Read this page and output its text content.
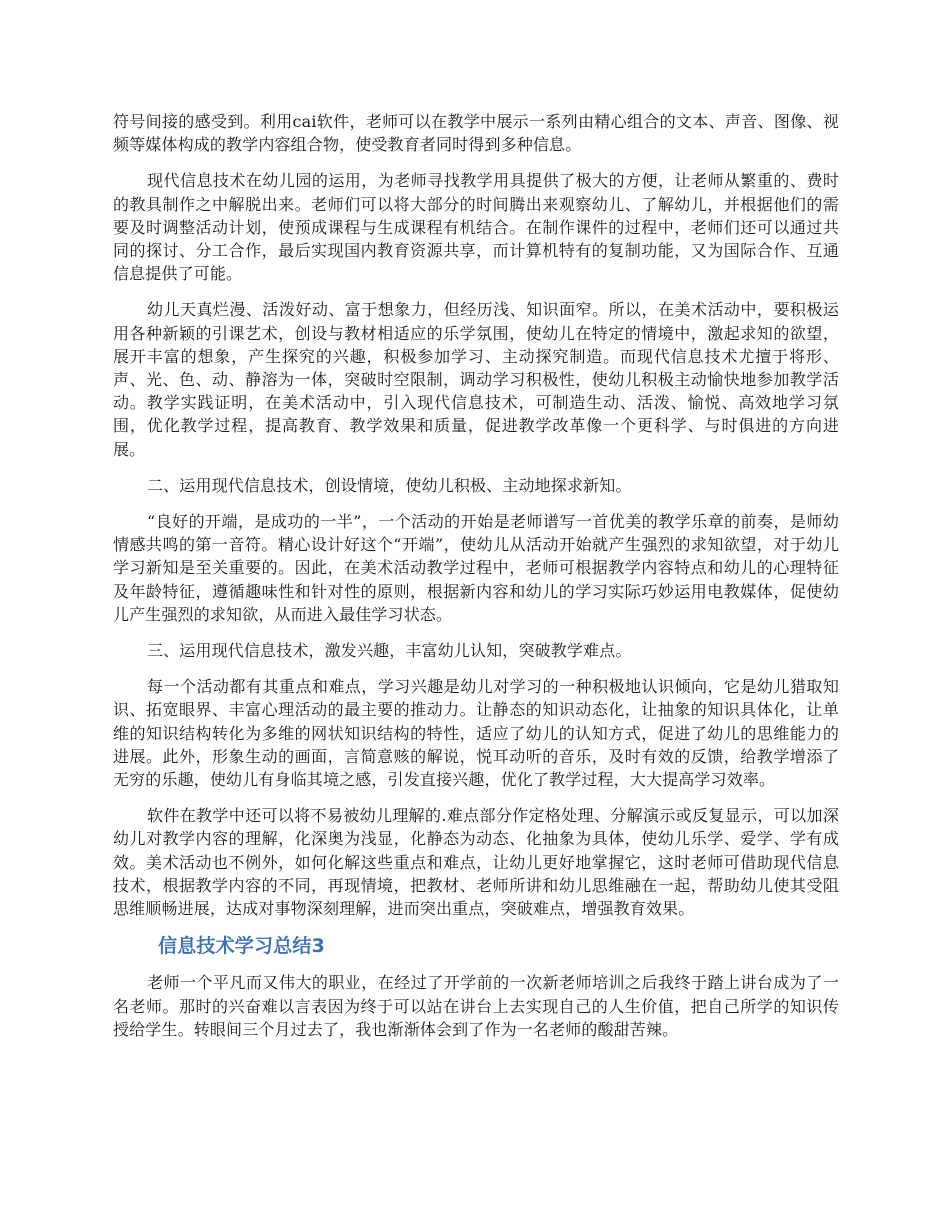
符号间接的感受到。利用cai软件，老师可以在教学中展示一系列由精心组合的文本、声音、图像、视频等媒体构成的教学内容组合物，使受教育者同时得到多种信息。

现代信息技术在幼儿园的运用，为老师寻找教学用具提供了极大的方便，让老师从繁重的、费时的教具制作之中解脱出来。老师们可以将大部分的时间腾出来观察幼儿、了解幼儿，并根据他们的需要及时调整活动计划，使预成课程与生成课程有机结合。在制作课件的过程中，老师们还可以通过共同的探讨、分工合作，最后实现国内教育资源共享，而计算机特有的复制功能，又为国际合作、互通信息提供了可能。

幼儿天真烂漫、活泼好动、富于想象力，但经历浅、知识面窄。所以，在美术活动中，要积极运用各种新颖的引课艺术，创设与教材相适应的乐学氛围，使幼儿在特定的情境中，激起求知的欲望，展开丰富的想象，产生探究的兴趣，积极参加学习、主动探究制造。而现代信息技术尤擅于将形、声、光、色、动、静溶为一体，突破时空限制，调动学习积极性，使幼儿积极主动愉快地参加教学活动。教学实践证明，在美术活动中，引入现代信息技术，可制造生动、活泼、愉悦、高效地学习氛围，优化教学过程，提高教育、教学效果和质量，促进教学改革像一个更科学、与时俱进的方向进展。

二、运用现代信息技术，创设情境，使幼儿积极、主动地探求新知。

“良好的开端，是成功的一半”，一个活动的开始是老师谱写一首优美的教学乐章的前奏，是师幼情感共鸣的第一音符。精心设计好这个“开端”，使幼儿从活动开始就产生强烈的求知欲望，对于幼儿学习新知是至关重要的。因此，在美术活动教学过程中，老师可根据教学内容特点和幼儿的心理特征及年龄特征，遵循趣味性和针对性的原则，根据新内容和幼儿的学习实际巧妙运用电教媒体，促使幼儿产生强烈的求知欲，从而进入最佳学习状态。

三、运用现代信息技术，激发兴趣，丰富幼儿认知，突破教学难点。

每一个活动都有其重点和难点，学习兴趣是幼儿对学习的一种积极地认识倾向，它是幼儿猎取知识、拓宽眼界、丰富心理活动的最主要的推动力。让静态的知识动态化，让抽象的知识具体化，让单维的知识结构转化为多维的网状知识结构的特性，适应了幼儿的认知方式，促进了幼儿的思维能力的进展。此外，形象生动的画面，言简意赅的解说，悦耳动听的音乐，及时有效的反馈，给教学增添了无穷的乐趣，使幼儿有身临其境之感，引发直接兴趣，优化了教学过程，大大提高学习效率。

软件在教学中还可以将不易被幼儿理解的.难点部分作定格处理、分解演示或反复显示，可以加深幼儿对教学内容的理解，化深奥为浅显，化静态为动态、化抽象为具体，使幼儿乐学、爱学、学有成效。美术活动也不例外，如何化解这些重点和难点，让幼儿更好地掌握它，这时老师可借助现代信息技术，根据教学内容的不同，再现情境，把教材、老师所讲和幼儿思维融在一起，帮助幼儿使其受阻思维顺畅进展，达成对事物深刻理解，进而突出重点，突破难点，增强教育效果。

信息技术学习总结3

老师一个平凡而又伟大的职业，在经过了开学前的一次新老师培训之后我终于踏上讲台成为了一名老师。那时的兴奋难以言表因为终于可以站在讲台上去实现自己的人生价值，把自己所学的知识传授给学生。转眼间三个月过去了，我也渐渐体会到了作为一名老师的酸甜苦辣。
